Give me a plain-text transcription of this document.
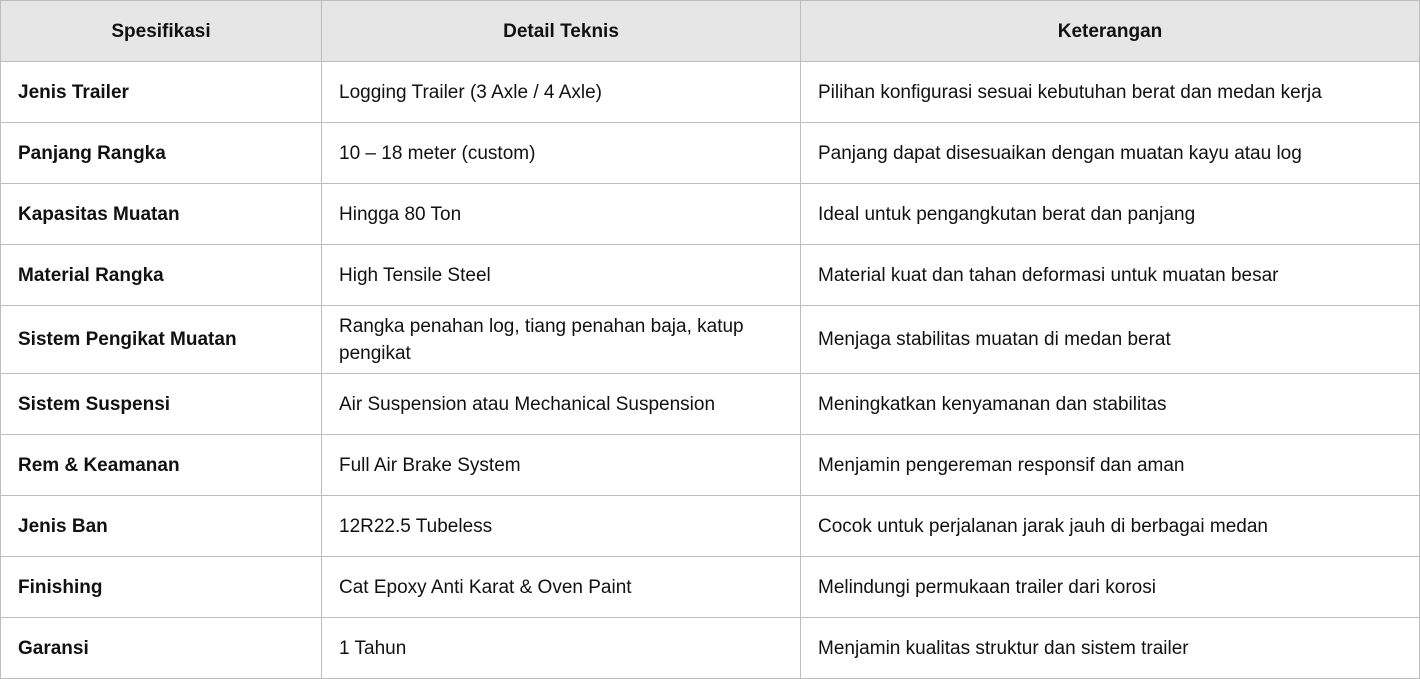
Spesifikasi	Detail Teknis	Keterangan
Jenis Trailer	Logging Trailer (3 Axle / 4 Axle)	Pilihan konfigurasi sesuai kebutuhan berat dan medan kerja
Panjang Rangka	10 – 18 meter (custom)	Panjang dapat disesuaikan dengan muatan kayu atau log
Kapasitas Muatan	Hingga 80 Ton	Ideal untuk pengangkutan berat dan panjang
Material Rangka	High Tensile Steel	Material kuat dan tahan deformasi untuk muatan besar
Sistem Pengikat Muatan	Rangka penahan log, tiang penahan baja, katup pengikat	Menjaga stabilitas muatan di medan berat
Sistem Suspensi	Air Suspension atau Mechanical Suspension	Meningkatkan kenyamanan dan stabilitas
Rem & Keamanan	Full Air Brake System	Menjamin pengereman responsif dan aman
Jenis Ban	12R22.5 Tubeless	Cocok untuk perjalanan jarak jauh di berbagai medan
Finishing	Cat Epoxy Anti Karat & Oven Paint	Melindungi permukaan trailer dari korosi
Garansi	1 Tahun	Menjamin kualitas struktur dan sistem trailer
